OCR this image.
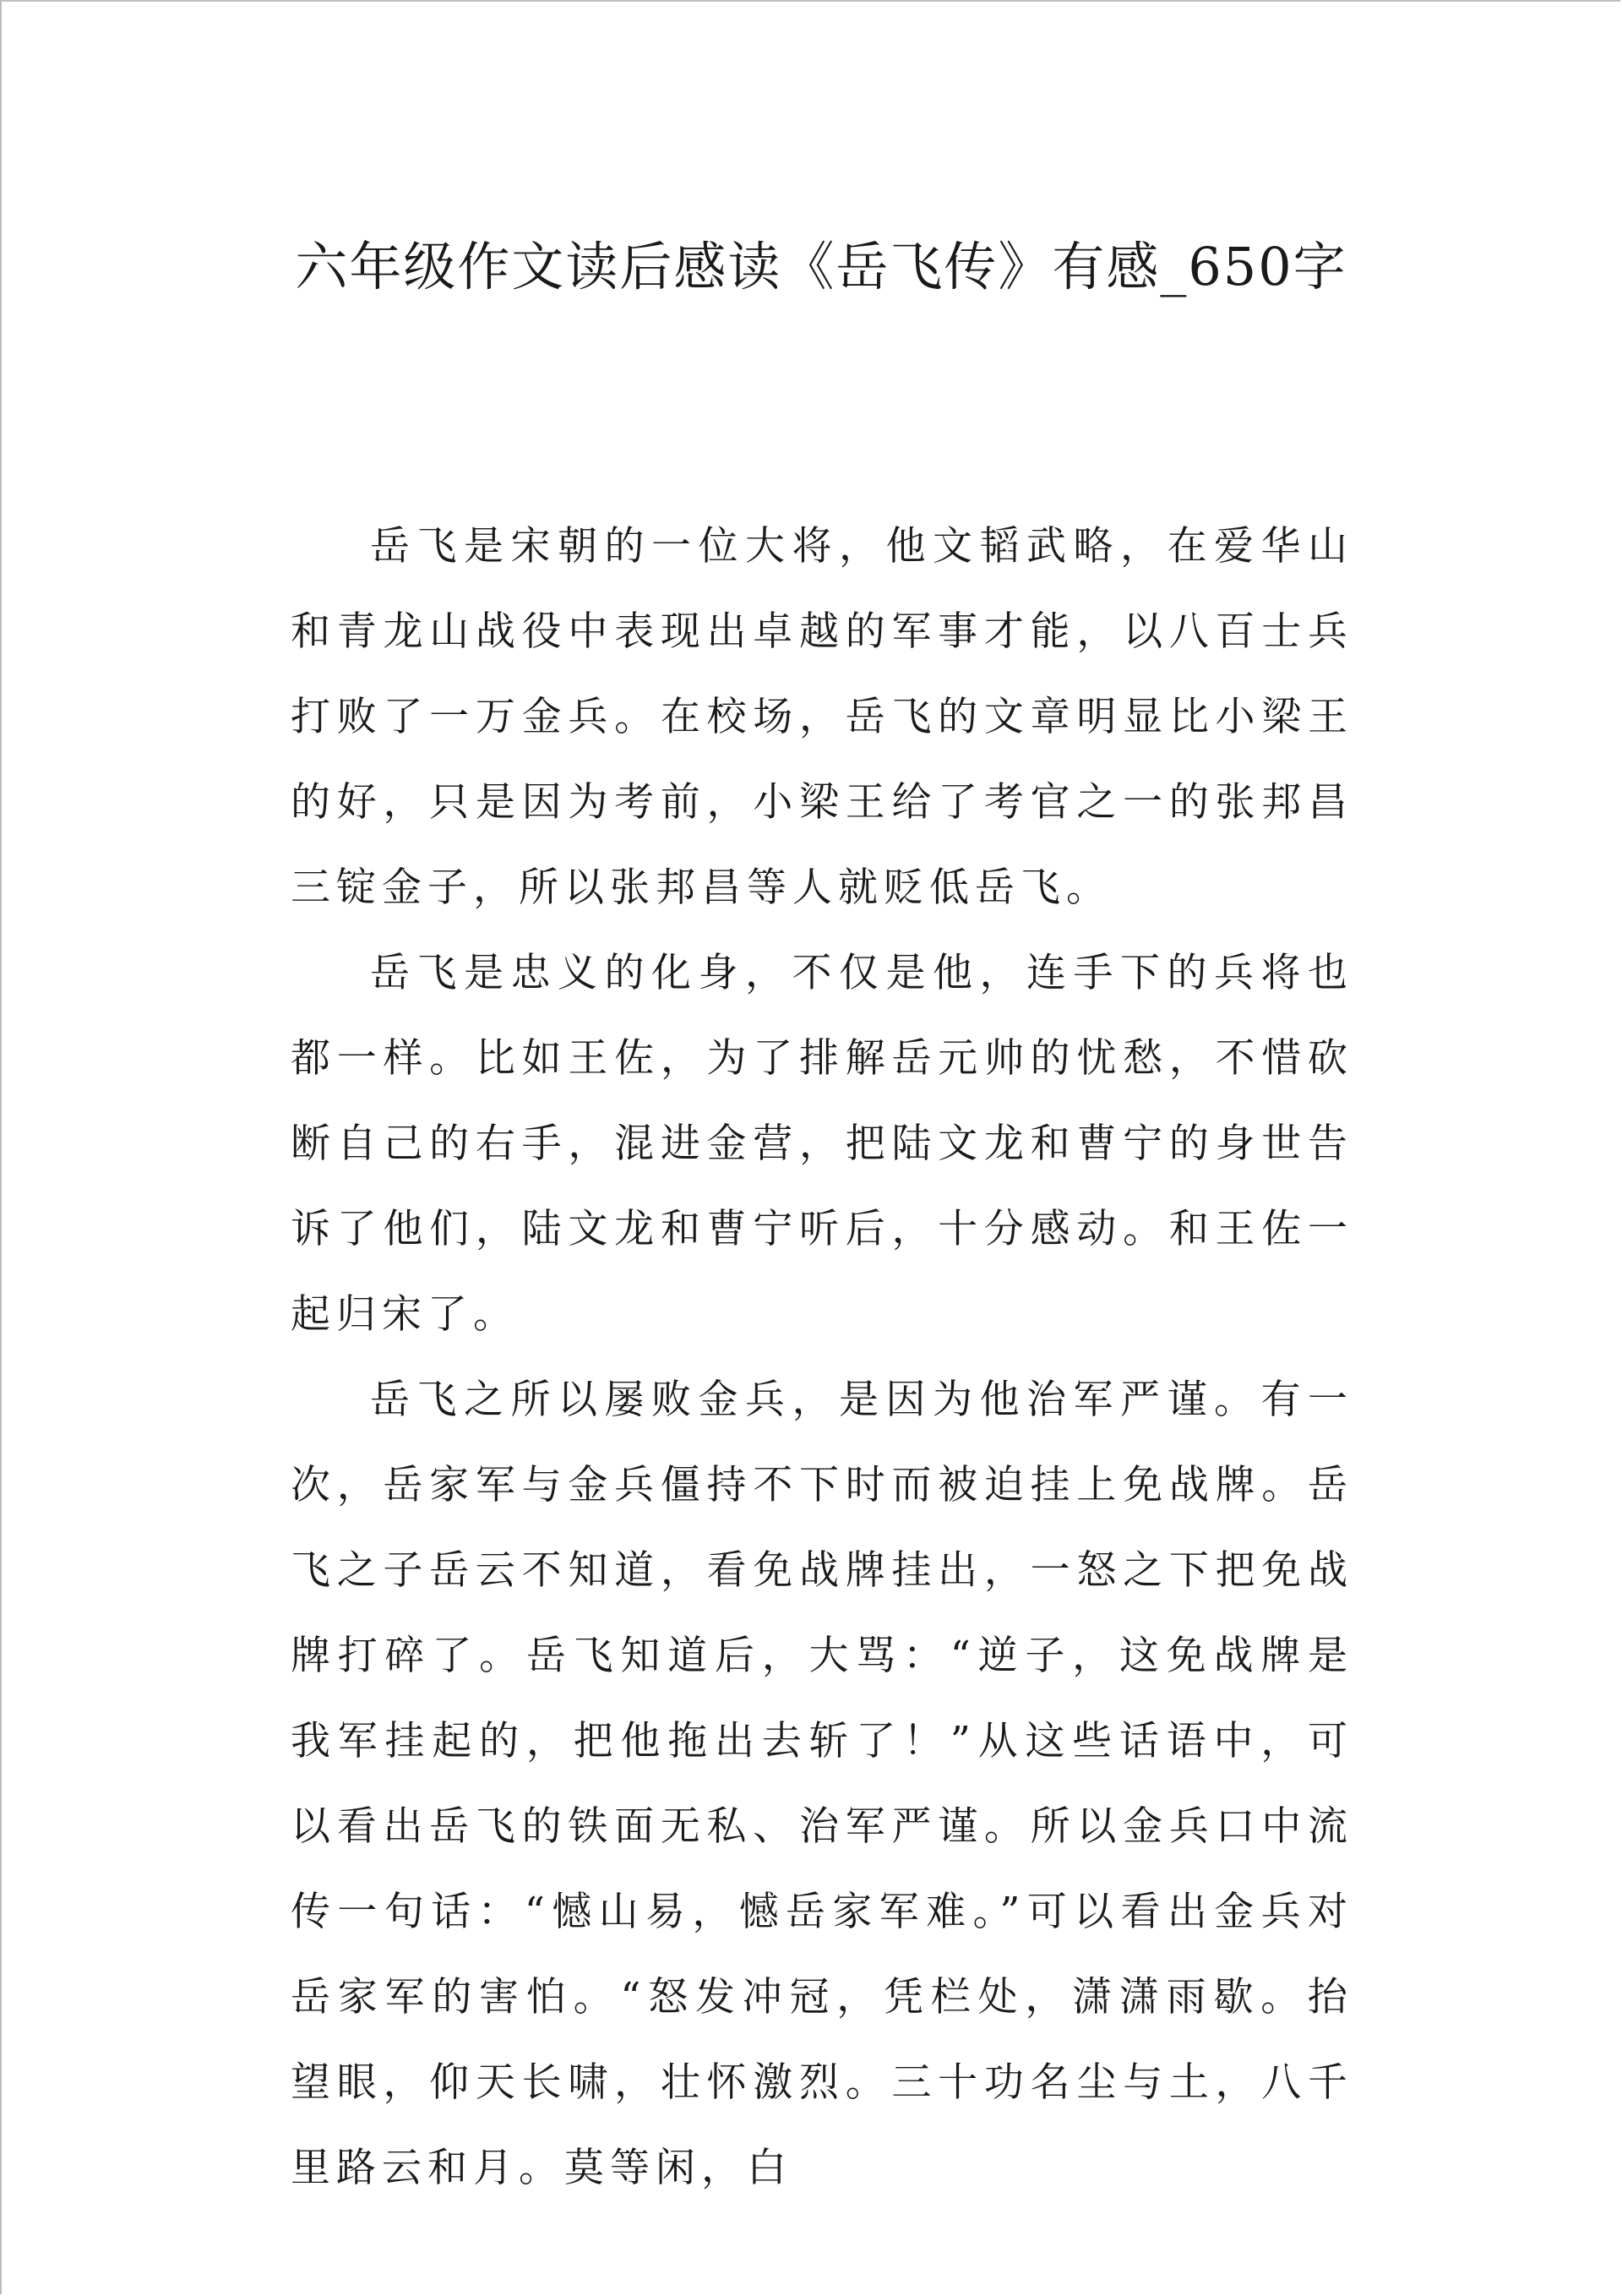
六年级作文读后感读《岳飞传》有感_650字

岳飞是宋朝的一位大将，他文韬武略，在爱华山和青龙山战役中表现出卓越的军事才能，以八百士兵打败了一万金兵。在校场，岳飞的文章明显比小梁王的好，只是因为考前，小梁王给了考官之一的张邦昌三锭金子，所以张邦昌等人就贬低岳飞。

岳飞是忠义的化身，不仅是他，连手下的兵将也都一样。比如王佐，为了排解岳元帅的忧愁，不惜砍断自己的右手，混进金营，把陆文龙和曹宁的身世告诉了他们，陆文龙和曹宁听后，十分感动。和王佐一起归宋了。

岳飞之所以屡败金兵，是因为他治军严谨。有一次，岳家军与金兵僵持不下时而被迫挂上免战牌。岳飞之子岳云不知道，看免战牌挂出，一怒之下把免战牌打碎了。岳飞知道后，大骂：“逆子，这免战牌是我军挂起的，把他拖出去斩了！”从这些话语中，可以看出岳飞的铁面无私、治军严谨。所以金兵口中流传一句话：“憾山易，憾岳家军难。”可以看出金兵对岳家军的害怕。“怒发冲冠，凭栏处，潇潇雨歇。抬望眼，仰天长啸，壮怀激烈。三十功名尘与土，八千里路云和月。莫等闲，白
